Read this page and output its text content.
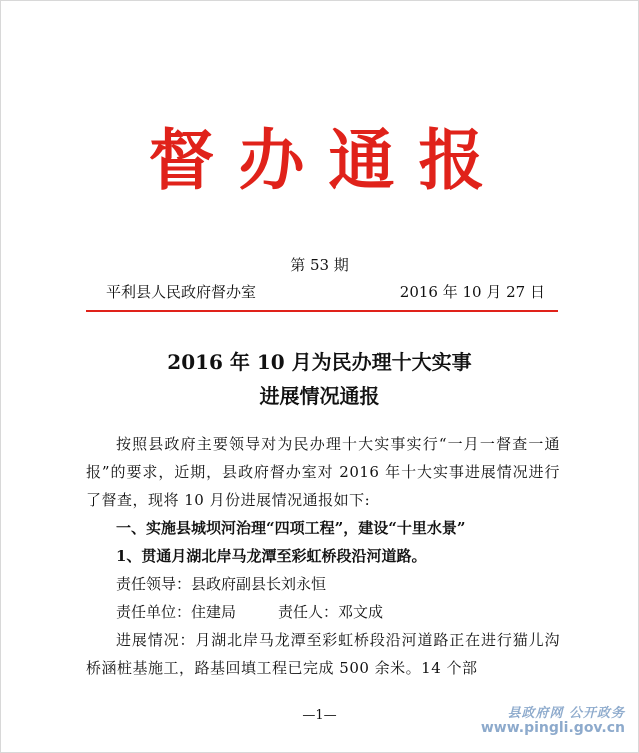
督办通报
第 53 期
平利县人民政府督办室	2016 年 10 月 27 日
2016 年 10 月为民办理十大实事
进展情况通报
按照县政府主要领导对为民办理十大实事实行“一月一督查一通报”的要求，近期，县政府督办室对 2016 年十大实事进展情况进行了督查，现将 10 月份进展情况通报如下:
一、实施县城坝河治理“四项工程”，建设“十里水景”
1、贯通月湖北岸马龙潭至彩虹桥段沿河道路。
责任领导：县政府副县长刘永恒
责任单位：住建局	责任人：邓文成
进展情况：月湖北岸马龙潭至彩虹桥段沿河道路正在进行猫儿沟桥涵桩基施工，路基回填工程已完成 500 余米。14 个部
—1—	县政府网 公开政务
www.pingli.gov.cn
